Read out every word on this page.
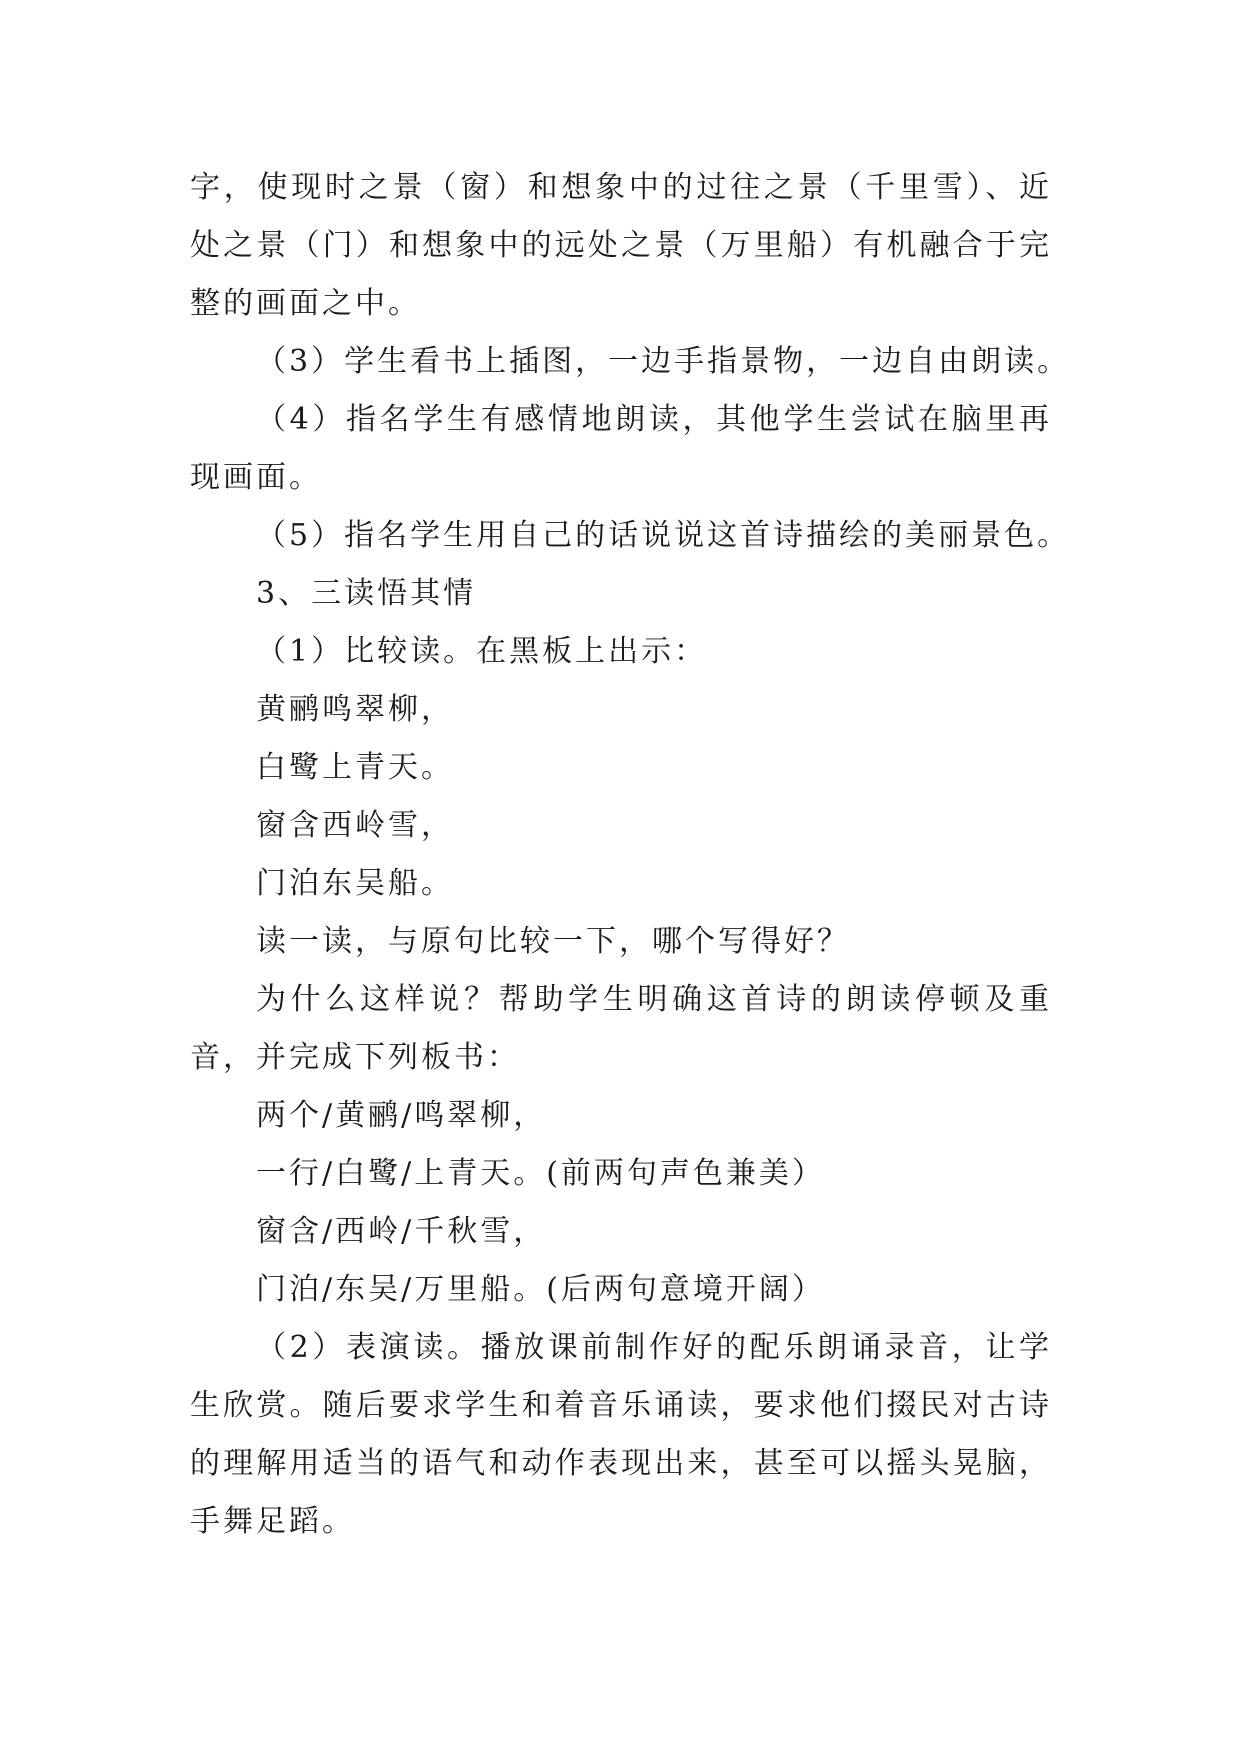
字，使现时之景（窗）和想象中的过往之景（千里雪）、近
处之景（门）和想象中的远处之景（万里船）有机融合于完
整的画面之中。
（3）学生看书上插图，一边手指景物，一边自由朗读。
（4）指名学生有感情地朗读，其他学生尝试在脑里再
现画面。
（5）指名学生用自己的话说说这首诗描绘的美丽景色。
3、三读悟其情
（1）比较读。在黑板上出示：
黄鹂鸣翠柳，
白鹭上青天。
窗含西岭雪，
门泊东吴船。
读一读，与原句比较一下，哪个写得好？
为什么这样说？帮助学生明确这首诗的朗读停顿及重
音，并完成下列板书：
两个/黄鹂/鸣翠柳，
一行/白鹭/上青天。(前两句声色兼美）
窗含/西岭/千秋雪，
门泊/东吴/万里船。(后两句意境开阔）
（2）表演读。播放课前制作好的配乐朗诵录音，让学
生欣赏。随后要求学生和着音乐诵读，要求他们掇民对古诗
的理解用适当的语气和动作表现出来，甚至可以摇头晃脑，
手舞足蹈。
